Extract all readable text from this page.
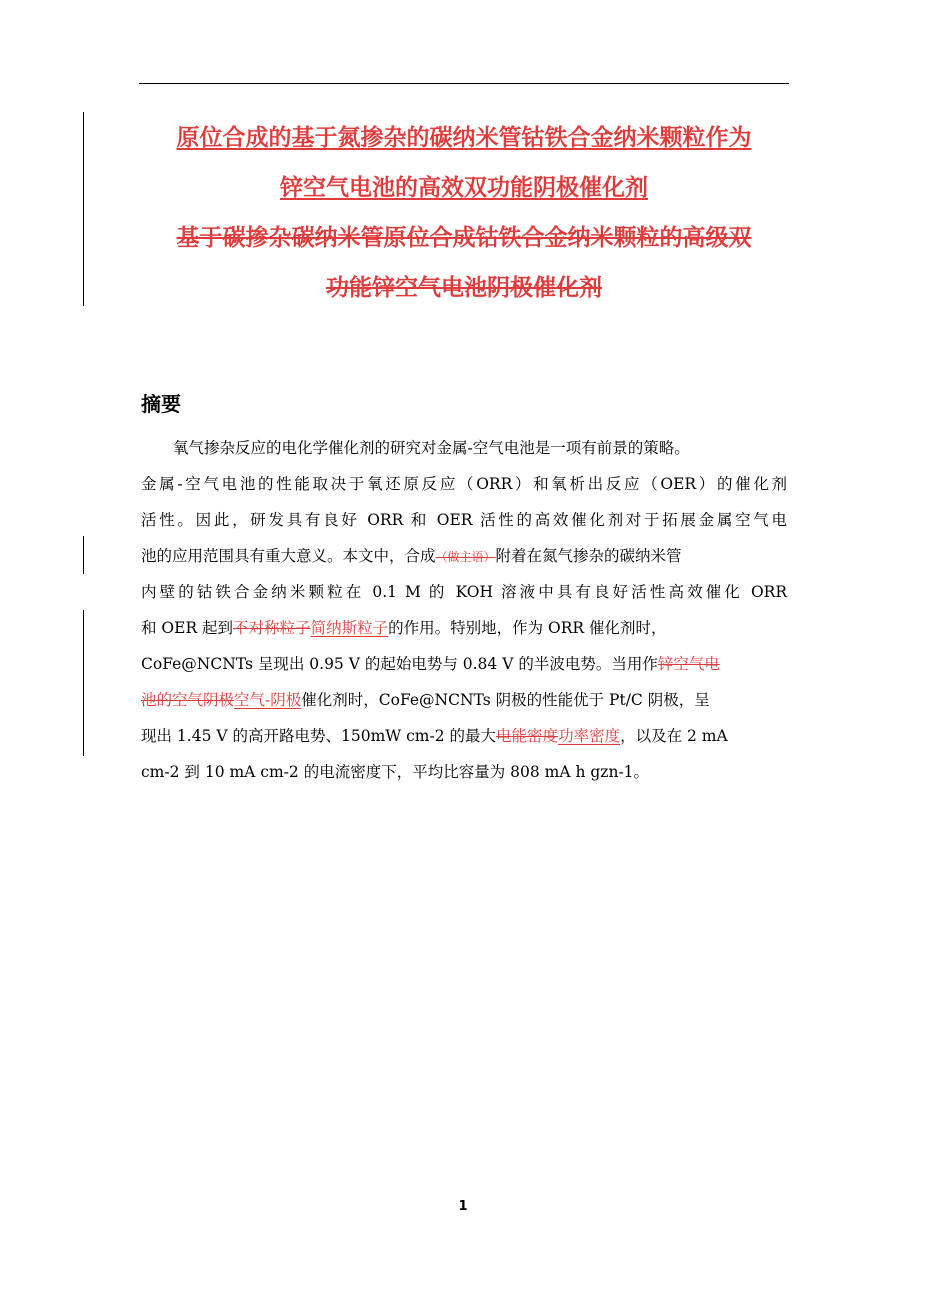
原位合成的基于氮掺杂的碳纳米管钴铁合金纳米颗粒作为
锌空气电池的高效双功能阴极催化剂
基于碳掺杂碳纳米管原位合成钴铁合金纳米颗粒的高级双
功能锌空气电池阴极催化剂
摘要
氧气掺杂反应的电化学催化剂的研究对金属-空气电池是一项有前景的策略。
金属-空气电池的性能取决于氧还原反应（ORR）和氧析出反应（OER）的催化剂
活性。因此，研发具有良好 ORR 和 OER 活性的高效催化剂对于拓展金属空气电
池的应用范围具有重大意义。本文中，合成（做主语）附着在氮气掺杂的碳纳米管
内壁的钴铁合金纳米颗粒在 0.1 M 的 KOH 溶液中具有良好活性高效催化 ORR
和 OER 起到不对称粒子简纳斯粒子的作用。特别地，作为 ORR 催化剂时，
CoFe@NCNTs 呈现出 0.95 V 的起始电势与 0.84 V 的半波电势。当用作锌空气电
池的空气阴极空气-阴极催化剂时，CoFe@NCNTs 阴极的性能优于 Pt/C 阴极，呈
现出 1.45 V 的高开路电势、150mW cm-2 的最大电能密度功率密度，以及在 2 mA
cm-2 到 10 mA cm-2 的电流密度下，平均比容量为 808 mA h gzn-1。
1
